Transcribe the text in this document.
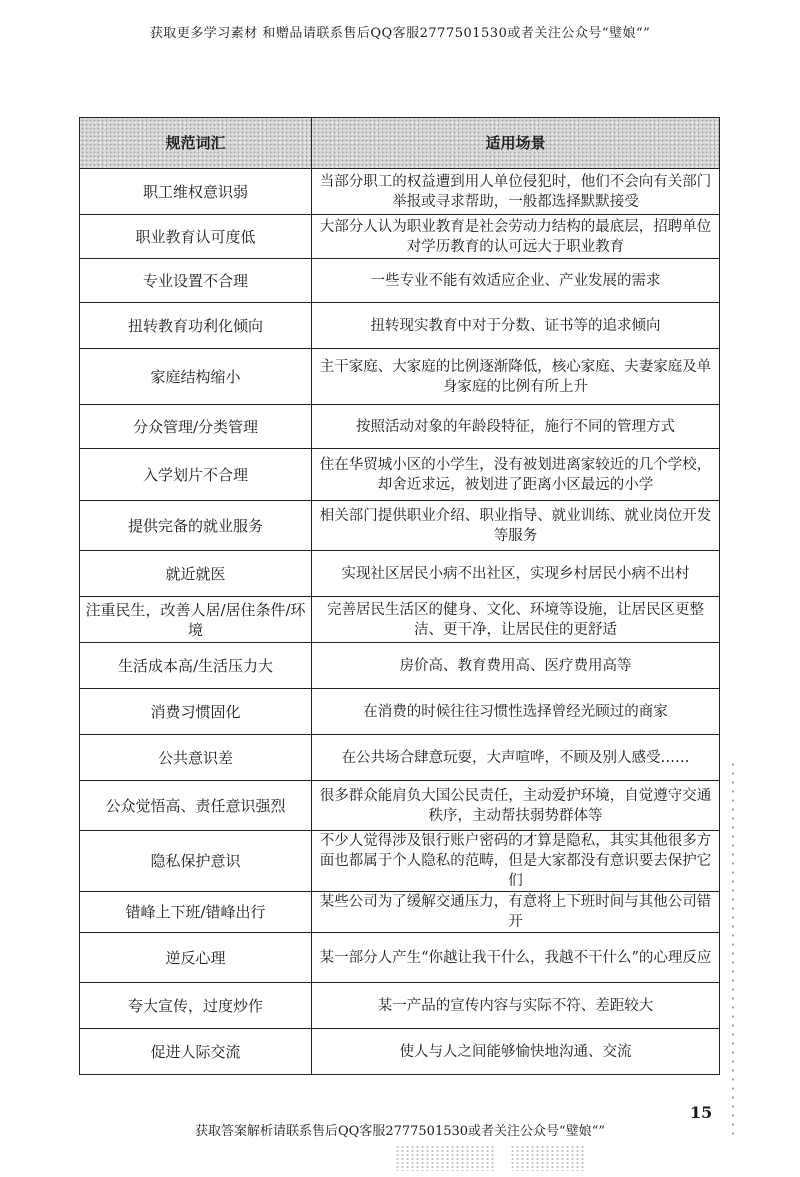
获取更多学习素材 和赠品请联系售后QQ客服2777501530或者关注公众号“璧娘“”
规范词汇	适用场景
职工维权意识弱	当部分职工的权益遭到用人单位侵犯时，他们不会向有关部门举报或寻求帮助，一般都选择默默接受
职业教育认可度低	大部分人认为职业教育是社会劳动力结构的最底层，招聘单位对学历教育的认可远大于职业教育
专业设置不合理	一些专业不能有效适应企业、产业发展的需求
扭转教育功利化倾向	扭转现实教育中对于分数、证书等的追求倾向
家庭结构缩小	主干家庭、大家庭的比例逐渐降低，核心家庭、夫妻家庭及单身家庭的比例有所上升
分众管理/分类管理	按照活动对象的年龄段特征，施行不同的管理方式
入学划片不合理	住在华贸城小区的小学生，没有被划进离家较近的几个学校，却舍近求远，被划进了距离小区最远的小学
提供完备的就业服务	相关部门提供职业介绍、职业指导、就业训练、就业岗位开发等服务
就近就医	实现社区居民小病不出社区，实现乡村居民小病不出村
注重民生，改善人居/居住条件/环境	完善居民生活区的健身、文化、环境等设施，让居民区更整洁、更干净，让居民住的更舒适
生活成本高/生活压力大	房价高、教育费用高、医疗费用高等
消费习惯固化	在消费的时候往往习惯性选择曾经光顾过的商家
公共意识差	在公共场合肆意玩耍，大声喧哗，不顾及别人感受……
公众觉悟高、责任意识强烈	很多群众能肩负大国公民责任，主动爱护环境，自觉遵守交通秩序，主动帮扶弱势群体等
隐私保护意识	不少人觉得涉及银行账户密码的才算是隐私，其实其他很多方面也都属于个人隐私的范畴，但是大家都没有意识要去保护它们
错峰上下班/错峰出行	某些公司为了缓解交通压力，有意将上下班时间与其他公司错开
逆反心理	某一部分人产生“你越让我干什么，我越不干什么”的心理反应
夸大宣传，过度炒作	某一产品的宣传内容与实际不符、差距较大
促进人际交流	使人与人之间能够愉快地沟通、交流
15
获取答案解析请联系售后QQ客服2777501530或者关注公众号“璧娘“”
